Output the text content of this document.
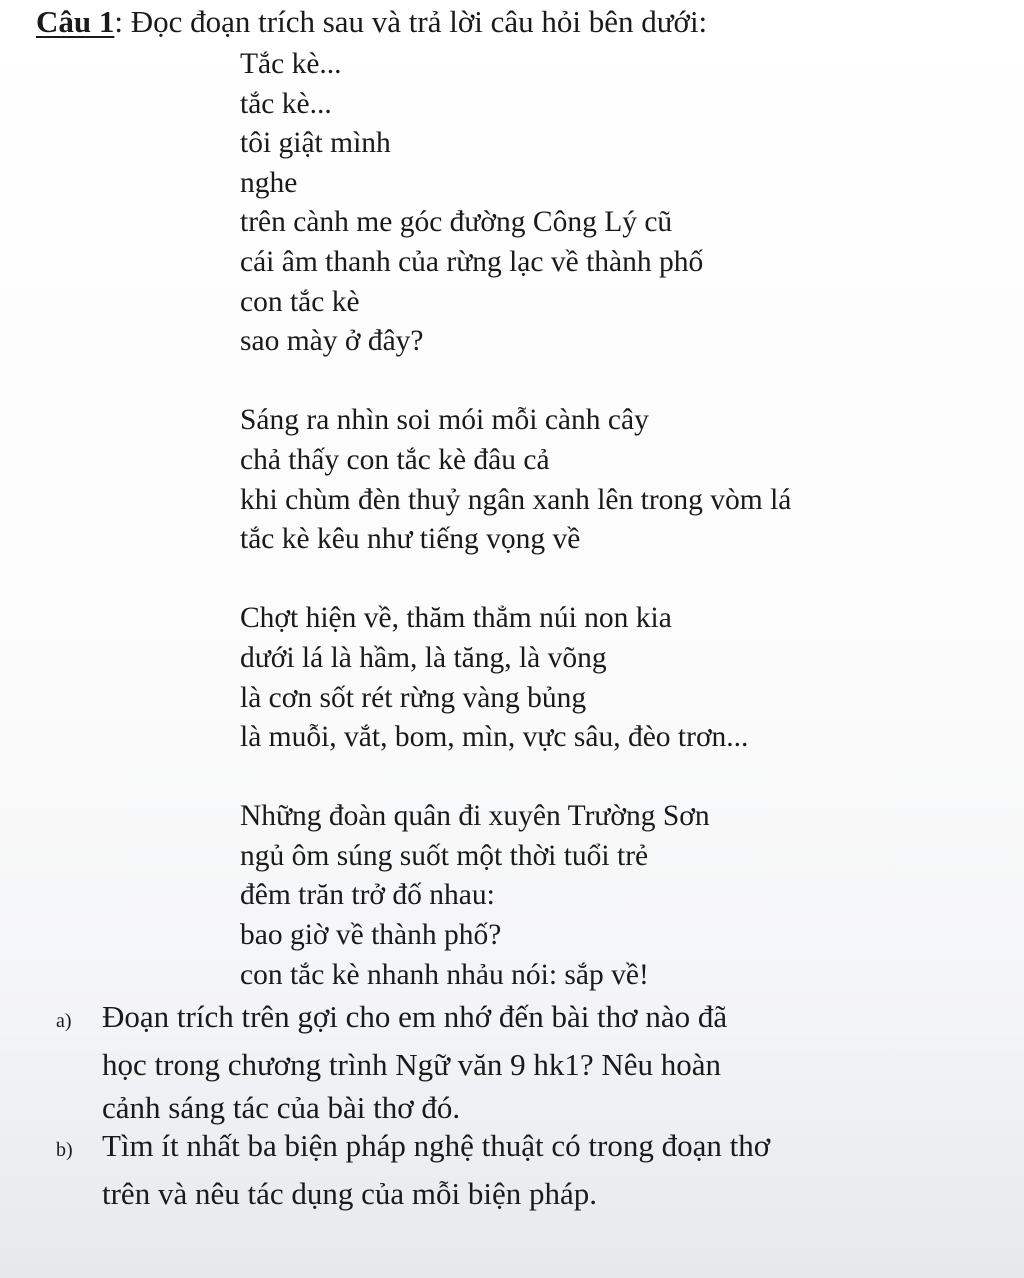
Câu 1: Đọc đoạn trích sau và trả lời câu hỏi bên dưới:
Tắc kè...
tắc kè...
tôi giật mình
nghe
trên cành me góc đường Công Lý cũ
cái âm thanh của rừng lạc về thành phố
con tắc kè
sao mày ở đây?
Sáng ra nhìn soi mói mỗi cành cây
chả thấy con tắc kè đâu cả
khi chùm đèn thuỷ ngân xanh lên trong vòm lá
tắc kè kêu như tiếng vọng về
Chợt hiện về, thăm thẳm núi non kia
dưới lá là hầm, là tăng, là võng
là cơn sốt rét rừng vàng bủng
là muỗi, vắt, bom, mìn, vực sâu, đèo trơn...
Những đoàn quân đi xuyên Trường Sơn
ngủ ôm súng suốt một thời tuổi trẻ
đêm trăn trở đố nhau:
bao giờ về thành phố?
con tắc kè nhanh nhảu nói: sắp về!
a) Đoạn trích trên gợi cho em nhớ đến bài thơ nào đã
học trong chương trình Ngữ văn 9 hk1? Nêu hoàn
cảnh sáng tác của bài thơ đó.
b) Tìm ít nhất ba biện pháp nghệ thuật có trong đoạn thơ
trên và nêu tác dụng của mỗi biện pháp.
